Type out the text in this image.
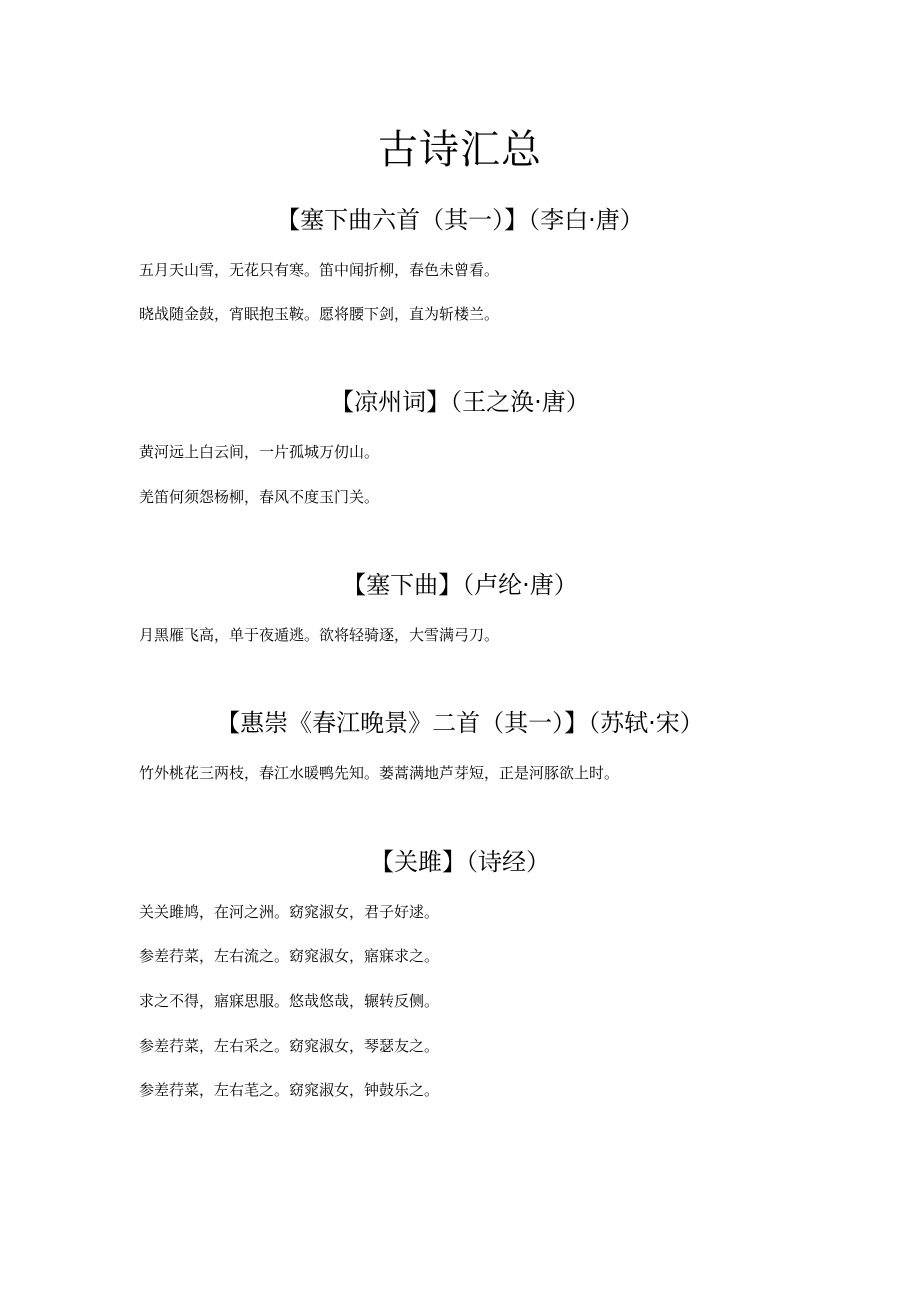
古诗汇总
【塞下曲六首（其一）】（李白·唐）
五月天山雪，无花只有寒。笛中闻折柳，春色未曾看。
晓战随金鼓，宵眠抱玉鞍。愿将腰下剑，直为斩楼兰。
【凉州词】（王之涣·唐）
黄河远上白云间，一片孤城万仞山。
羌笛何须怨杨柳，春风不度玉门关。
【塞下曲】（卢纶·唐）
月黑雁飞高，单于夜遁逃。欲将轻骑逐，大雪满弓刀。
【惠崇《春江晚景》二首（其一）】（苏轼·宋）
竹外桃花三两枝，春江水暖鸭先知。蒌蒿满地芦芽短，正是河豚欲上时。
【关雎】（诗经）
关关雎鸠，在河之洲。窈窕淑女，君子好逑。
参差荇菜，左右流之。窈窕淑女，寤寐求之。
求之不得，寤寐思服。悠哉悠哉，辗转反侧。
参差荇菜，左右采之。窈窕淑女，琴瑟友之。
参差荇菜，左右芼之。窈窕淑女，钟鼓乐之。
